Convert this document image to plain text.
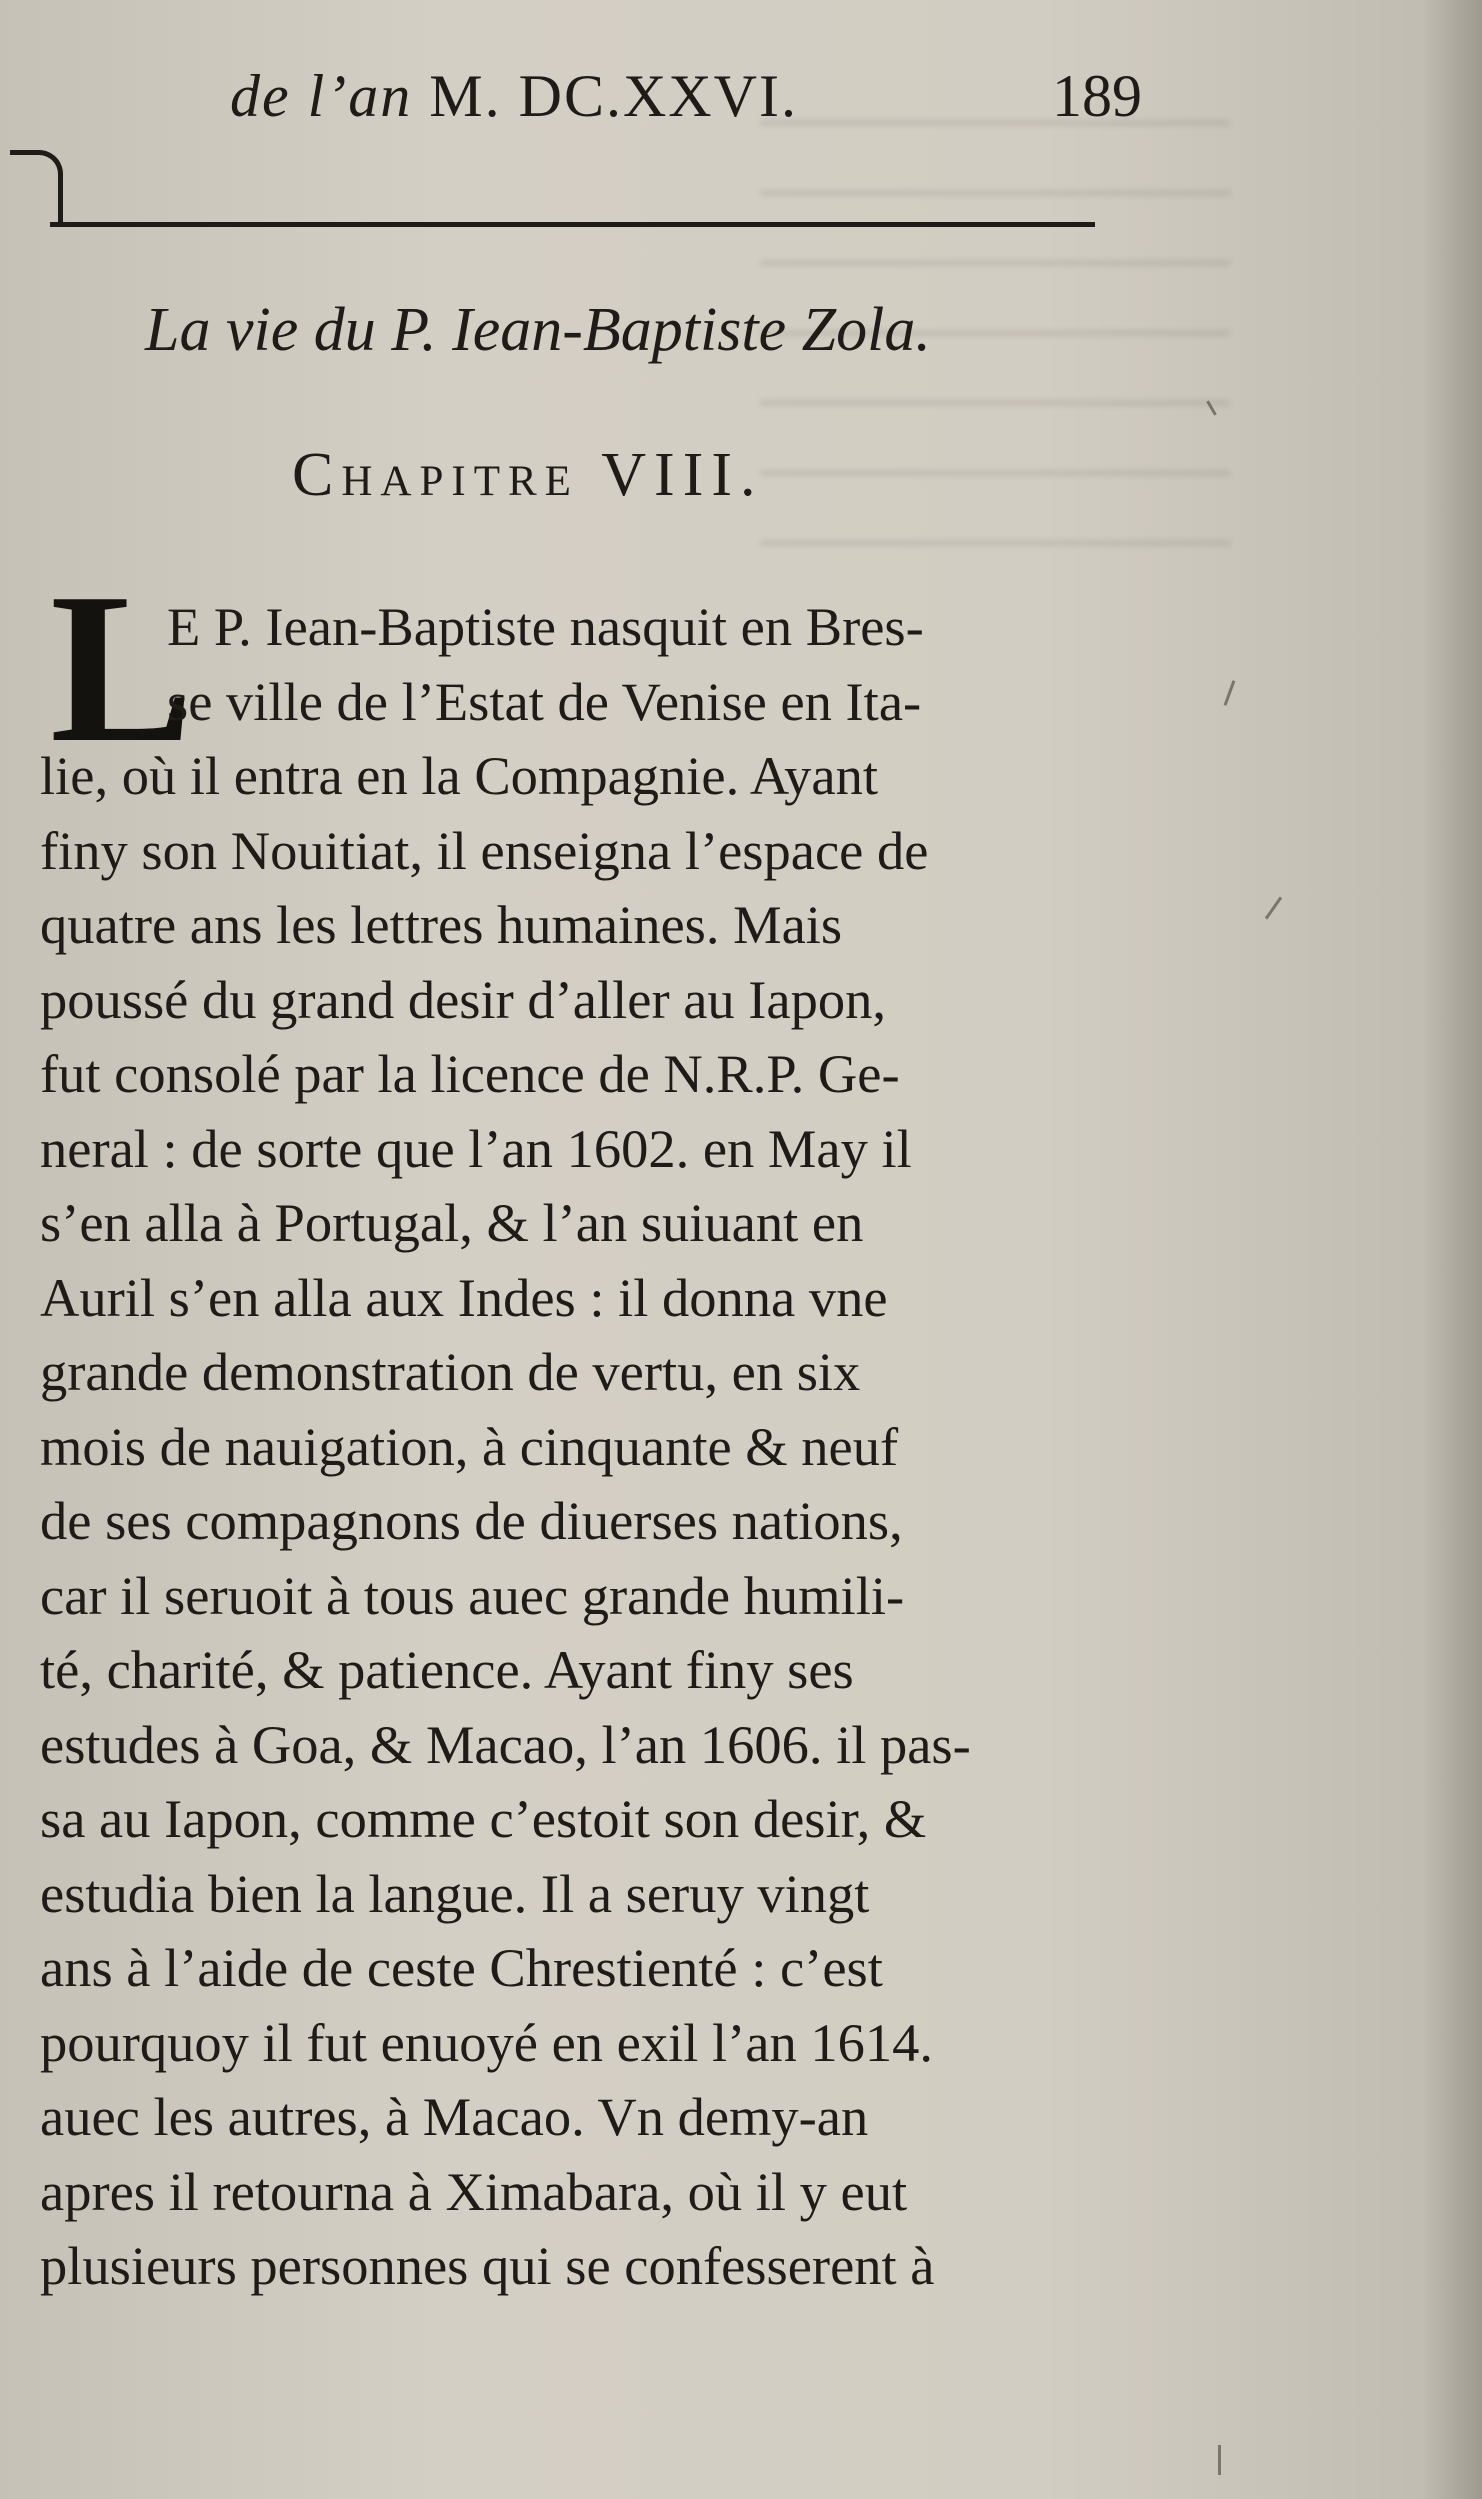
de l’an M. DC.XXVI.	189
La vie du P. Iean-Baptiste Zola.
Chapitre VIII.
L
E P. Iean-Baptiste nasquit en Bres-
se ville de l’Estat de Venise en Ita-
lie, où il entra en la Compagnie. Ayant
finy son Nouitiat, il enseigna l’espace de
quatre ans les lettres humaines. Mais
poussé du grand desir d’aller au Iapon,
fut consolé par la licence de N.R.P. Ge-
neral : de sorte que l’an 1602. en May il
s’en alla à Portugal, & l’an suiuant en
Auril s’en alla aux Indes : il donna vne
grande demonstration de vertu, en six
mois de nauigation, à cinquante & neuf
de ses compagnons de diuerses nations,
car il seruoit à tous auec grande humili-
té, charité, & patience. Ayant finy ses
estudes à Goa, & Macao, l’an 1606. il pas-
sa au Iapon, comme c’estoit son desir, &
estudia bien la langue. Il a seruy vingt
ans à l’aide de ceste Chrestienté : c’est
pourquoy il fut enuoyé en exil l’an 1614.
auec les autres, à Macao. Vn demy-an
apres il retourna à Ximabara, où il y eut
plusieurs personnes qui se confesserent à
